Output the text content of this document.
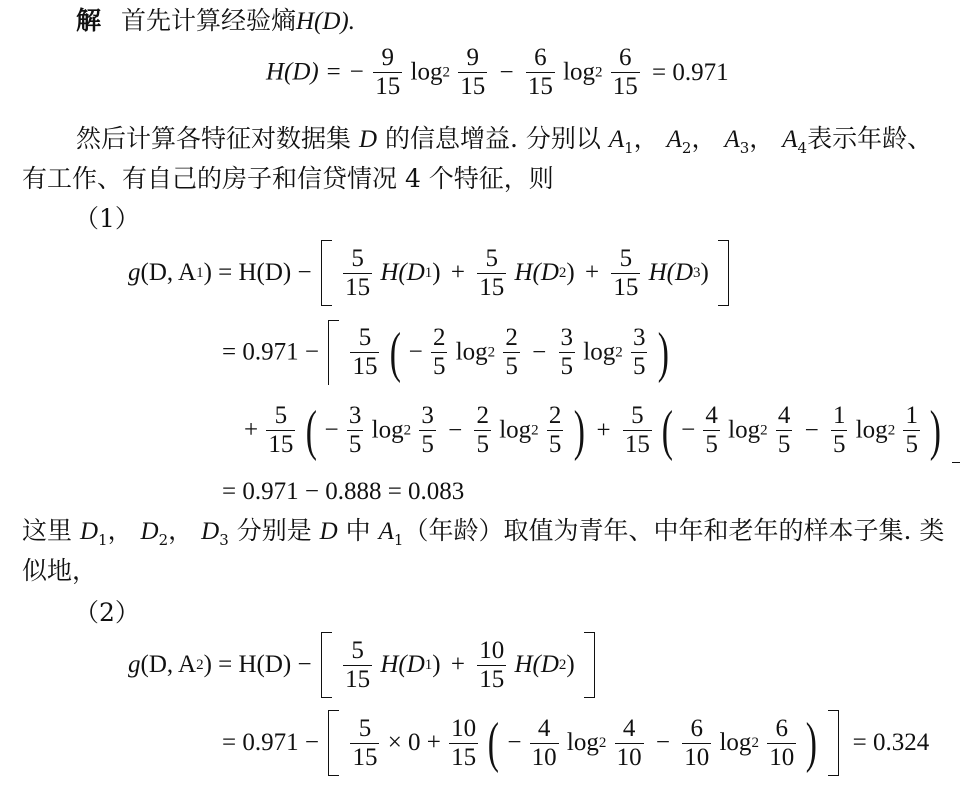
解 首先计算经验熵H(D).
H(D) = − $\frac{9}{15} \log 2 \frac{9}{15} - \frac{6}{15} \log 2 \frac{6}{15} = 0.971$
然后计算各特征对数据集 D 的信息增益. 分别以 $A_1$， $A_2$， $A_3$， $A_4$表示年龄、
有工作、有自己的房子和信贷情况 4 个特征，则
（1）
g(D, $A1) = H(D) - \frac{5}{15} H(D1) + \frac{5}{15} H(D2) + \frac{5}{15} H(D3)$
= $0.971 - \frac{5}{15}$ ( − $\frac{2}{5} \log 2 \frac{2}{5} - \frac{3}{5} \log 2 \frac{3}{5}$ )
+ $\frac{5}{15}$ ( − $\frac{3}{5} \log 2 \frac{3}{5} - \frac{2}{5} \log 2 \frac{2}{5}$ ) + $\frac{5}{15}$ ( − $\frac{4}{5} \log 2 \frac{4}{5} - \frac{1}{5} \log 2 \frac{1}{5}$ )
= 0.971 − 0.888 = 0.083
这里 $D_1$， $D_2$， $D_3$ 分别是 D 中 $A_1$（年龄）取值为青年、中年和老年的样本子集. 类
似地，
（2）
g(D, $A2) = H(D) - \frac{5}{15} H(D1) + \frac{10}{15} H(D2)$
= $0.971 - \frac{5}{15} \times 0 + \frac{10}{15}$ ( − $\frac{4}{10} \log 2 \frac{4}{10} - \frac{6}{10} \log 2 \frac{6}{10}$ ) = 0.324
